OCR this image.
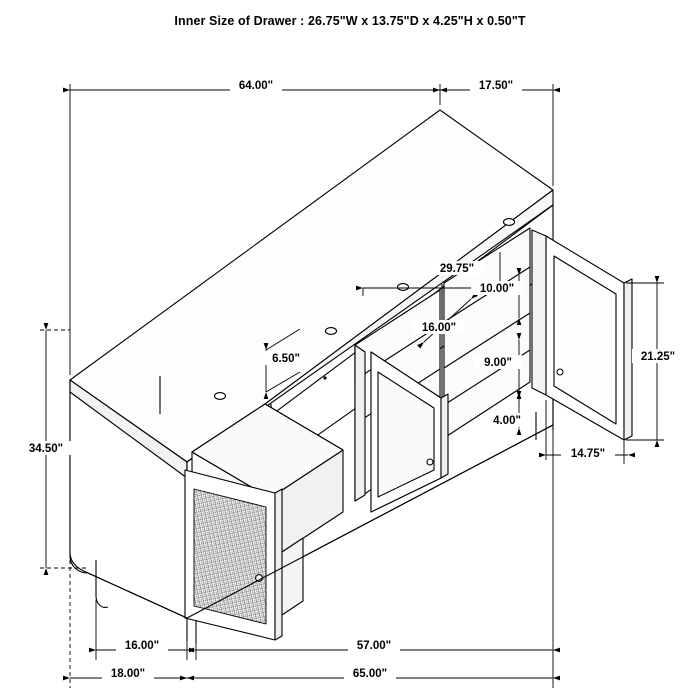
Inner Size of Drawer : 26.75"W x 13.75"D x 4.25"H x 0.50"T
64.00"	17.50"
34.50"
21.25"
14.75"
29.75"
10.00"
16.00"
9.00"
4.00"
6.50"
16.00"	57.00"
18.00"	65.00"
